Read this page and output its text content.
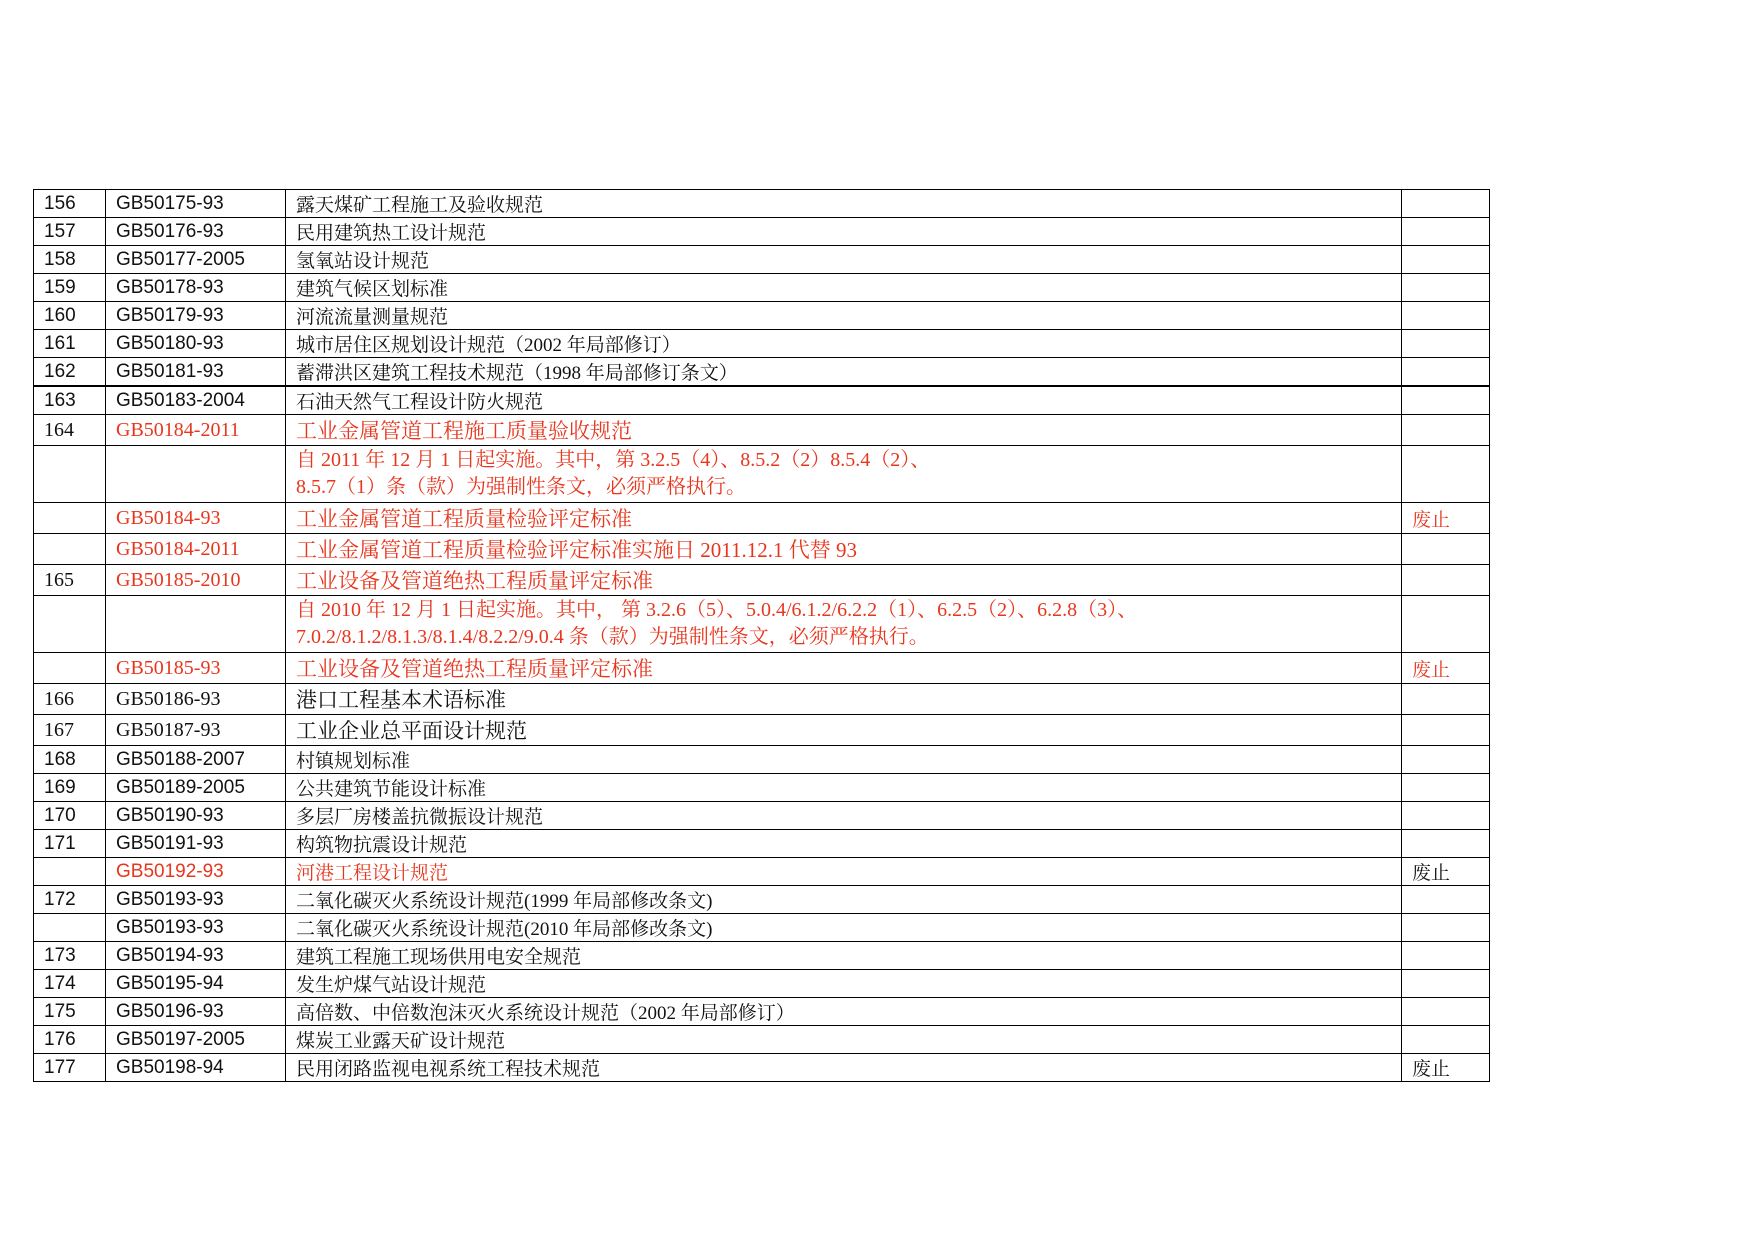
156	GB50175-93	露天煤矿工程施工及验收规范	
157	GB50176-93	民用建筑热工设计规范	
158	GB50177-2005	氢氧站设计规范	
159	GB50178-93	建筑气候区划标准	
160	GB50179-93	河流流量测量规范	
161	GB50180-93	城市居住区规划设计规范（2002 年局部修订）	
162	GB50181-93	蓄滞洪区建筑工程技术规范（1998 年局部修订条文）	
163	GB50183-2004	石油天然气工程设计防火规范	
164	GB50184-2011	工业金属管道工程施工质量验收规范	
		自 2011 年 12 月 1 日起实施。其中，第 3.2.5（4）、8.5.2（2）8.5.4（2）、
8.5.7（1）条（款）为强制性条文，必须严格执行。	
	GB50184-93	工业金属管道工程质量检验评定标准	废止
	GB50184-2011	工业金属管道工程质量检验评定标准实施日 2011.12.1 代替 93	
165	GB50185-2010	工业设备及管道绝热工程质量评定标准	
		自 2010 年 12 月 1 日起实施。其中， 第 3.2.6（5）、5.0.4/6.1.2/6.2.2（1）、6.2.5（2）、6.2.8（3）、
7.0.2/8.1.2/8.1.3/8.1.4/8.2.2/9.0.4 条（款）为强制性条文，必须严格执行。	
	GB50185-93	工业设备及管道绝热工程质量评定标准	废止
166	GB50186-93	港口工程基本术语标准	
167	GB50187-93	工业企业总平面设计规范	
168	GB50188-2007	村镇规划标准	
169	GB50189-2005	公共建筑节能设计标准	
170	GB50190-93	多层厂房楼盖抗微振设计规范	
171	GB50191-93	构筑物抗震设计规范	
	GB50192-93	河港工程设计规范	废止
172	GB50193-93	二氧化碳灭火系统设计规范(1999 年局部修改条文)	
	GB50193-93	二氧化碳灭火系统设计规范(2010 年局部修改条文)	
173	GB50194-93	建筑工程施工现场供用电安全规范	
174	GB50195-94	发生炉煤气站设计规范	
175	GB50196-93	高倍数、中倍数泡沫灭火系统设计规范（2002 年局部修订）	
176	GB50197-2005	煤炭工业露天矿设计规范	
177	GB50198-94	民用闭路监视电视系统工程技术规范	废止
